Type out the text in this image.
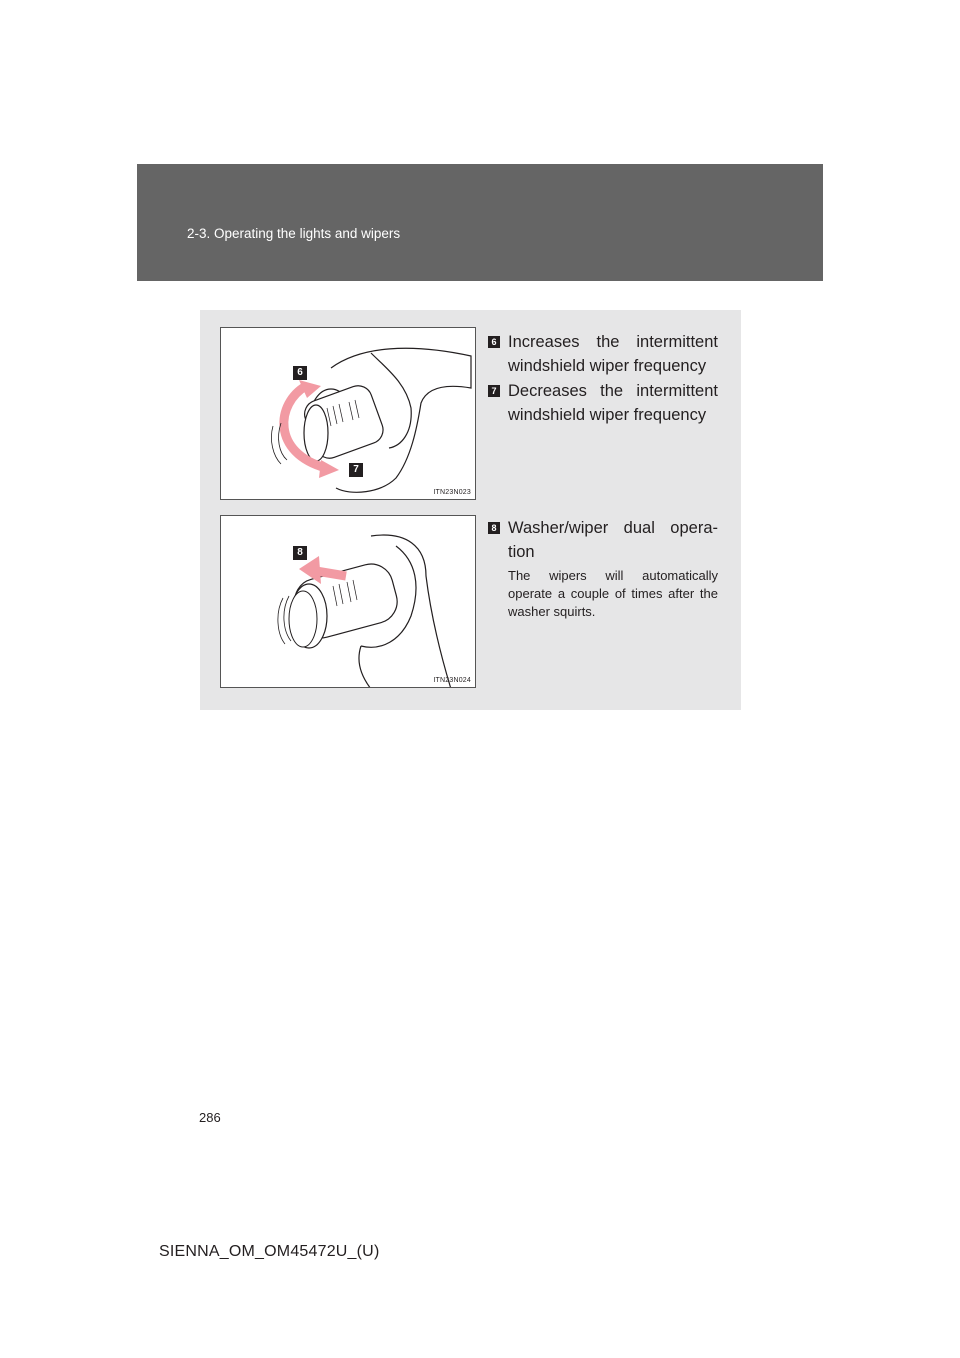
2-3. Operating the lights and wipers
6
7
ITN23N023
8
ITN23N024
6 Increases the intermittent windshield wiper frequency
7 Decreases the intermittent windshield wiper frequency
8 Washer/wiper dual opera-tion
The wipers will automatically operate a couple of times after the washer squirts.
286
SIENNA_OM_OM45472U_(U)
